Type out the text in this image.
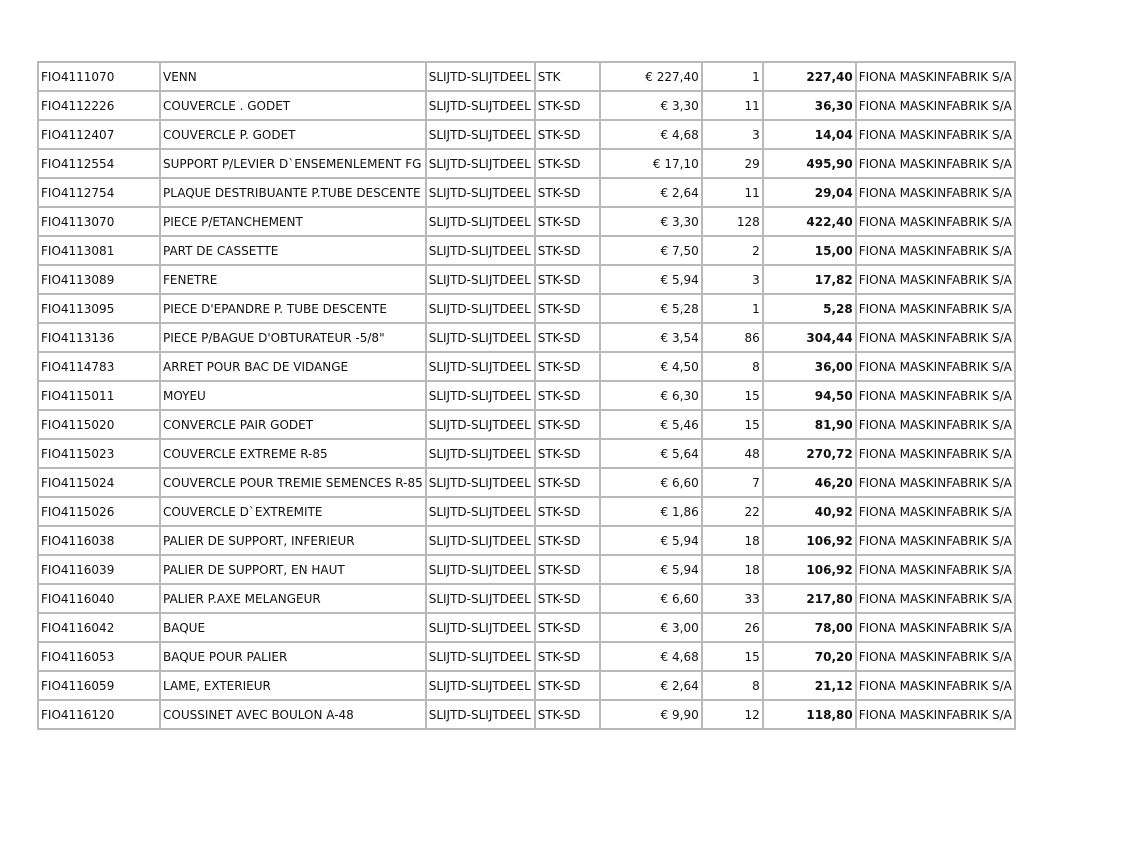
FIO4111070	VENN	SLIJTD-SLIJTDEEL	STK	€ 227,40	1	227,40	FIONA MASKINFABRIK S/A
FIO4112226	COUVERCLE . GODET	SLIJTD-SLIJTDEEL	STK-SD	€ 3,30	11	36,30	FIONA MASKINFABRIK S/A
FIO4112407	COUVERCLE P. GODET	SLIJTD-SLIJTDEEL	STK-SD	€ 4,68	3	14,04	FIONA MASKINFABRIK S/A
FIO4112554	SUPPORT P/LEVIER D`ENSEMENLEMENT FG	SLIJTD-SLIJTDEEL	STK-SD	€ 17,10	29	495,90	FIONA MASKINFABRIK S/A
FIO4112754	PLAQUE DESTRIBUANTE P.TUBE DESCENTE	SLIJTD-SLIJTDEEL	STK-SD	€ 2,64	11	29,04	FIONA MASKINFABRIK S/A
FIO4113070	PIECE P/ETANCHEMENT	SLIJTD-SLIJTDEEL	STK-SD	€ 3,30	128	422,40	FIONA MASKINFABRIK S/A
FIO4113081	PART DE CASSETTE	SLIJTD-SLIJTDEEL	STK-SD	€ 7,50	2	15,00	FIONA MASKINFABRIK S/A
FIO4113089	FENETRE	SLIJTD-SLIJTDEEL	STK-SD	€ 5,94	3	17,82	FIONA MASKINFABRIK S/A
FIO4113095	PIECE D'EPANDRE P. TUBE DESCENTE	SLIJTD-SLIJTDEEL	STK-SD	€ 5,28	1	5,28	FIONA MASKINFABRIK S/A
FIO4113136	PIECE P/BAGUE D'OBTURATEUR -5/8"	SLIJTD-SLIJTDEEL	STK-SD	€ 3,54	86	304,44	FIONA MASKINFABRIK S/A
FIO4114783	ARRET POUR BAC DE VIDANGE	SLIJTD-SLIJTDEEL	STK-SD	€ 4,50	8	36,00	FIONA MASKINFABRIK S/A
FIO4115011	MOYEU	SLIJTD-SLIJTDEEL	STK-SD	€ 6,30	15	94,50	FIONA MASKINFABRIK S/A
FIO4115020	CONVERCLE PAIR GODET	SLIJTD-SLIJTDEEL	STK-SD	€ 5,46	15	81,90	FIONA MASKINFABRIK S/A
FIO4115023	COUVERCLE EXTREME R-85	SLIJTD-SLIJTDEEL	STK-SD	€ 5,64	48	270,72	FIONA MASKINFABRIK S/A
FIO4115024	COUVERCLE POUR TREMIE SEMENCES R-85	SLIJTD-SLIJTDEEL	STK-SD	€ 6,60	7	46,20	FIONA MASKINFABRIK S/A
FIO4115026	COUVERCLE D`EXTREMITE	SLIJTD-SLIJTDEEL	STK-SD	€ 1,86	22	40,92	FIONA MASKINFABRIK S/A
FIO4116038	PALIER DE SUPPORT, INFERIEUR	SLIJTD-SLIJTDEEL	STK-SD	€ 5,94	18	106,92	FIONA MASKINFABRIK S/A
FIO4116039	PALIER DE SUPPORT, EN HAUT	SLIJTD-SLIJTDEEL	STK-SD	€ 5,94	18	106,92	FIONA MASKINFABRIK S/A
FIO4116040	PALIER P.AXE MELANGEUR	SLIJTD-SLIJTDEEL	STK-SD	€ 6,60	33	217,80	FIONA MASKINFABRIK S/A
FIO4116042	BAQUE	SLIJTD-SLIJTDEEL	STK-SD	€ 3,00	26	78,00	FIONA MASKINFABRIK S/A
FIO4116053	BAQUE POUR PALIER	SLIJTD-SLIJTDEEL	STK-SD	€ 4,68	15	70,20	FIONA MASKINFABRIK S/A
FIO4116059	LAME, EXTERIEUR	SLIJTD-SLIJTDEEL	STK-SD	€ 2,64	8	21,12	FIONA MASKINFABRIK S/A
FIO4116120	COUSSINET AVEC BOULON A-48	SLIJTD-SLIJTDEEL	STK-SD	€ 9,90	12	118,80	FIONA MASKINFABRIK S/A
